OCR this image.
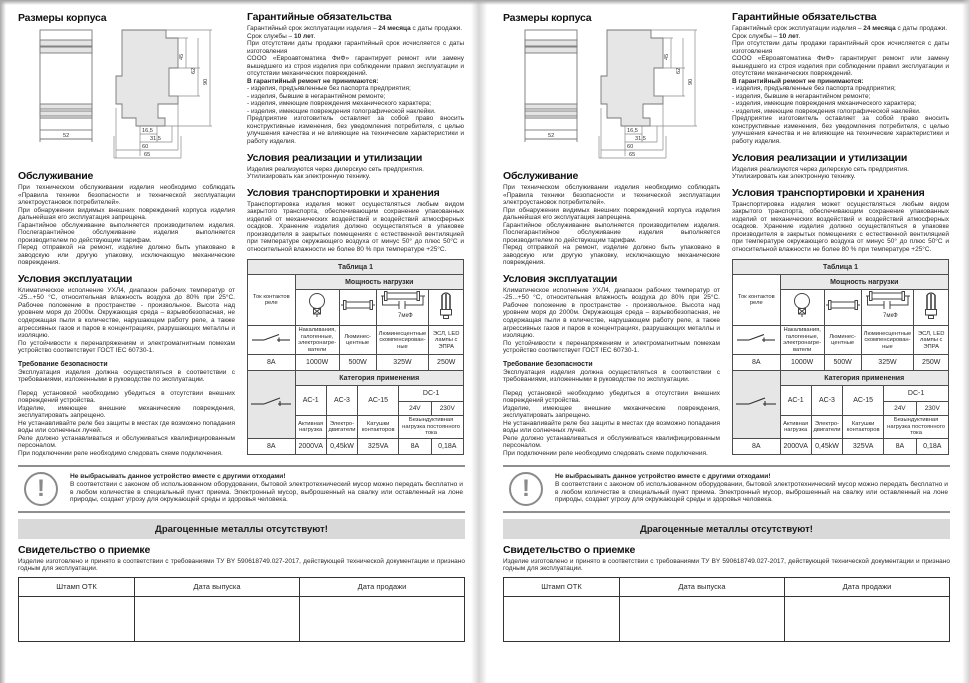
Размеры корпуса
52
45
62
90
16,5
31,5
60
65
Обслуживание

При техническом обслуживании изделия необходимо соблюдать «Правила техники безопасности и технической эксплуатации электроустановок потребителей».

При обнаружении видимых внешних повреждений корпуса изделия дальнейшая его эксплуатация запрещена.

Гарантийное обслуживание выполняется производителем изделия. Послегарантийное обслуживание изделия выполняется производителем по действующим тарифам.

Перед отправкой на ремонт, изделие должно быть упаковано в заводскую или другую упаковку, исключающую механические повреждения.

Условия эксплуатации

Климатическое исполнение УХЛ4, диапазон рабочих температур от -25...+50 °С, относительная влажность воздуха до 80% при 25°С. Рабочее положение в пространстве - произвольное. Высота над уровнем моря до 2000м. Окружающая среда – взрывобезопасная, не содержащая пыли в количестве, нарушающем работу реле, а также агрессивных газов и паров в концентрациях, разрушающих металлы и изоляцию.

По устойчивости к перенапряжениям и электромагнитным помехам устройство соответствует ГОСТ IEC 60730-1.

Требование безопасности

Эксплуатация изделия должна осуществляться в соответствии с требованиями, изложенными в руководстве по эксплуатации.

Перед установкой необходимо убедиться в отсутствии внешних повреждений устройства.

Изделие, имеющее внешние механические повреждения, эксплуатировать запрещено.

Не устанавливайте реле без защиты в местах где возможно попадания воды или солнечных лучей.

Реле должно устанавливаться и обслуживаться квалифицированным персоналом.

При подключении реле необходимо следовать схеме подключения.

Гарантийные обязательства

Гарантийный срок эксплуатации изделия – 24 месяца с даты продажи.

Срок службы – 10 лет.

При отсутствии даты продажи гарантийный срок исчисляется с даты изготовления

СООО «Евроавтоматика ФиФ» гарантирует ремонт или замену вышедшего из строя изделия при соблюдении правил эксплуатации и отсутствии механических повреждений.

В гарантийный ремонт не принимаются:

- изделия, предъявленные без паспорта предприятия;

- изделия, бывшие в негарантийном ремонте;

- изделия, имеющие повреждения механического характера;

- изделия, имеющие повреждения голографической наклейки.

Предприятие изготовитель оставляет за собой право вносить конструктивные изменения, без уведомления потребителя, с целью улучшения качества и не влияющие на технические характеристики и работу изделия.

Условия реализации и утилизации

Изделия реализуются через дилерскую сеть предприятия.

Утилизировать как электронную технику.

Условия транспортировки и хранения

Транспортировка изделия может осуществляться любым видом закрытого транспорта, обеспечивающим сохранение упакованных изделий от механических воздействий и воздействий атмосферных осадков. Хранение изделия должно осуществляться в упаковке производителя в закрытых помещениях с естественной вентиляцией при температуре окружающего воздуха от минус 50° до плюс 50°С и относительной влажности не более 80 % при температуре +25°С.

Таблица 1				
Ток контактов реле	Мощность нагрузки			

7мкФ

	Накаливания, галогенные, электронагре-ватели	Люминес-центные	Люминесцентные скомпенсирован-ные	ЭСЛ, LED лампы с ЭПРА
8А	1000W	500W	325W	250W
	Категория применения				
	AC-1	AC-3	AC-15	DC-1	
				24V	230V
	Активная нагрузка	Электро-двигатели	Катушки контакторов	Безындуктивная нагрузка постоянного тока	
8А	2000VA	0,45kW	325VA	8А	0,18А
!	Не выбрасывать данное устройство вместе с другими отходами!

В соответствии с законом об использованном оборудовании, бытовой электротехнический мусор можно передать бесплатно и в любом количестве в специальный пункт приема. Электронный мусор, выброшенный на свалку или оставленный на лоне природы, создает угрозу для окружающей среды и здоровья человека.

Драгоценные металлы отсутствуют!
Свидетельство о приемке

Изделие изготовлено и принято в соответствии с требованиями ТУ BY 590618749.027-2017, действующей технической документации и признано годным для эксплуатации.

Штамп ОТК	Дата выпуска	Дата продажи

Размеры корпуса
52
45
62
90
16,5
31,5
60
65
Обслуживание

При техническом обслуживании изделия необходимо соблюдать «Правила техники безопасности и технической эксплуатации электроустановок потребителей».

При обнаружении видимых внешних повреждений корпуса изделия дальнейшая его эксплуатация запрещена.

Гарантийное обслуживание выполняется производителем изделия. Послегарантийное обслуживание изделия выполняется производителем по действующим тарифам.

Перед отправкой на ремонт, изделие должно быть упаковано в заводскую или другую упаковку, исключающую механические повреждения.

Условия эксплуатации

Климатическое исполнение УХЛ4, диапазон рабочих температур от -25...+50 °С, относительная влажность воздуха до 80% при 25°С. Рабочее положение в пространстве - произвольное. Высота над уровнем моря до 2000м. Окружающая среда – взрывобезопасная, не содержащая пыли в количестве, нарушающем работу реле, а также агрессивных газов и паров в концентрациях, разрушающих металлы и изоляцию.

По устойчивости к перенапряжениям и электромагнитным помехам устройство соответствует ГОСТ IEC 60730-1.

Требование безопасности

Эксплуатация изделия должна осуществляться в соответствии с требованиями, изложенными в руководстве по эксплуатации.

Перед установкой необходимо убедиться в отсутствии внешних повреждений устройства.

Изделие, имеющее внешние механические повреждения, эксплуатировать запрещено.

Не устанавливайте реле без защиты в местах где возможно попадания воды или солнечных лучей.

Реле должно устанавливаться и обслуживаться квалифицированным персоналом.

При подключении реле необходимо следовать схеме подключения.

Гарантийные обязательства

Гарантийный срок эксплуатации изделия – 24 месяца с даты продажи.

Срок службы – 10 лет.

При отсутствии даты продажи гарантийный срок исчисляется с даты изготовления

СООО «Евроавтоматика ФиФ» гарантирует ремонт или замену вышедшего из строя изделия при соблюдении правил эксплуатации и отсутствии механических повреждений.

В гарантийный ремонт не принимаются:

- изделия, предъявленные без паспорта предприятия;

- изделия, бывшие в негарантийном ремонте;

- изделия, имеющие повреждения механического характера;

- изделия, имеющие повреждения голографической наклейки.

Предприятие изготовитель оставляет за собой право вносить конструктивные изменения, без уведомления потребителя, с целью улучшения качества и не влияющие на технические характеристики и работу изделия.

Условия реализации и утилизации

Изделия реализуются через дилерскую сеть предприятия.

Утилизировать как электронную технику.

Условия транспортировки и хранения

Транспортировка изделия может осуществляться любым видом закрытого транспорта, обеспечивающим сохранение упакованных изделий от механических воздействий и воздействий атмосферных осадков. Хранение изделия должно осуществляться в упаковке производителя в закрытых помещениях с естественной вентиляцией при температуре окружающего воздуха от минус 50° до плюс 50°С и относительной влажности не более 80 % при температуре +25°С.

Таблица 1				
Ток контактов реле	Мощность нагрузки			

7мкФ

	Накаливания, галогенные, электронагре-ватели	Люминес-центные	Люминесцентные скомпенсирован-ные	ЭСЛ, LED лампы с ЭПРА
8А	1000W	500W	325W	250W
	Категория применения				
	AC-1	AC-3	AC-15	DC-1	
				24V	230V
	Активная нагрузка	Электро-двигатели	Катушки контакторов	Безындуктивная нагрузка постоянного тока	
8А	2000VA	0,45kW	325VA	8А	0,18А
!	Не выбрасывать данное устройство вместе с другими отходами!

В соответствии с законом об использованном оборудовании, бытовой электротехнический мусор можно передать бесплатно и в любом количестве в специальный пункт приема. Электронный мусор, выброшенный на свалку или оставленный на лоне природы, создает угрозу для окружающей среды и здоровья человека.

Драгоценные металлы отсутствуют!
Свидетельство о приемке

Изделие изготовлено и принято в соответствии с требованиями ТУ BY 590618749.027-2017, действующей технической документации и признано годным для эксплуатации.

Штамп ОТК	Дата выпуска	Дата продажи
